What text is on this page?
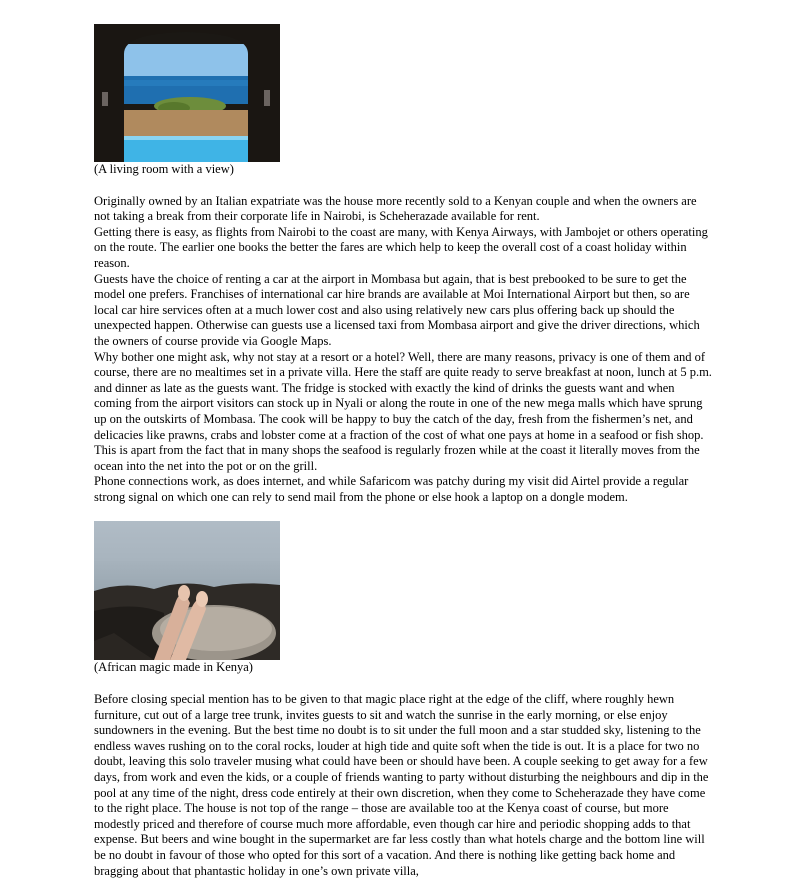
(A living room with a view)

Originally owned by an Italian expatriate was the house more recently sold to a Kenyan couple and when the owners are not taking a break from their corporate life in Nairobi, is Scheherazade available for rent.

Getting there is easy, as flights from Nairobi to the coast are many, with Kenya Airways, with Jambojet or others operating on the route. The earlier one books the better the fares are which help to keep the overall cost of a coast holiday within reason.

Guests have the choice of renting a car at the airport in Mombasa but again, that is best prebooked to be sure to get the model one prefers. Franchises of international car hire brands are available at Moi International Airport but then, so are local car hire services often at a much lower cost and also using relatively new cars plus offering back up should the unexpected happen. Otherwise can guests use a licensed taxi from Mombasa airport and give the driver directions, which the owners of course provide via Google Maps.

Why bother one might ask, why not stay at a resort or a hotel? Well, there are many reasons, privacy is one of them and of course, there are no mealtimes set in a private villa. Here the staff are quite ready to serve breakfast at noon, lunch at 5 p.m. and dinner as late as the guests want. The fridge is stocked with exactly the kind of drinks the guests want and when coming from the airport visitors can stock up in Nyali or along the route in one of the new mega malls which have sprung up on the outskirts of Mombasa. The cook will be happy to buy the catch of the day, fresh from the fishermen’s net, and delicacies like prawns, crabs and lobster come at a fraction of the cost of what one pays at home in a seafood or fish shop. This is apart from the fact that in many shops the seafood is regularly frozen while at the coast it literally moves from the ocean into the net into the pot or on the grill.

Phone connections work, as does internet, and while Safaricom was patchy during my visit did Airtel provide a regular strong signal on which one can rely to send mail from the phone or else hook a laptop on a dongle modem.

(African magic made in Kenya)

Before closing special mention has to be given to that magic place right at the edge of the cliff, where roughly hewn furniture, cut out of a large tree trunk, invites guests to sit and watch the sunrise in the early morning, or else enjoy sundowners in the evening. But the best time no doubt is to sit under the full moon and a star studded sky, listening to the endless waves rushing on to the coral rocks, louder at high tide and quite soft when the tide is out. It is a place for two no doubt, leaving this solo traveler musing what could have been or should have been. A couple seeking to get away for a few days, from work and even the kids, or a couple of friends wanting to party without disturbing the neighbours and dip in the pool at any time of the night, dress code entirely at their own discretion, when they come to Scheherazade they have come to the right place. The house is not top of the range – those are available too at the Kenya coast of course, but more modestly priced and therefore of course much more affordable, even though car hire and periodic shopping adds to that expense. But beers and wine bought in the supermarket are far less costly than what hotels charge and the bottom line will be no doubt in favour of those who opted for this sort of a vacation. And there is nothing like getting back home and bragging about that phantastic holiday in one’s own private villa,
